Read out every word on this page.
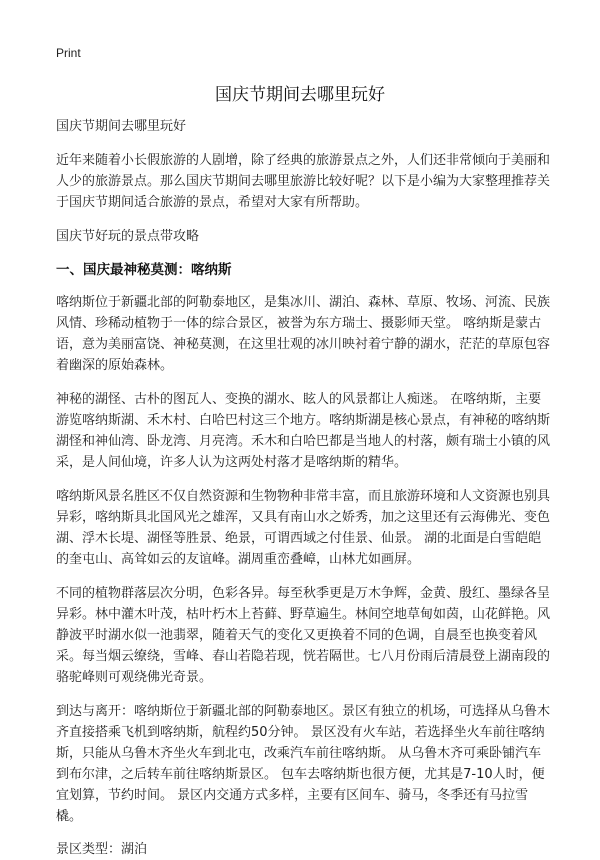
Print
国庆节期间去哪里玩好

国庆节期间去哪里玩好

近年来随着小长假旅游的人剧增，除了经典的旅游景点之外，人们还非常倾向于美丽和人少的旅游景点。那么国庆节期间去哪里旅游比较好呢？以下是小编为大家整理推荐关于国庆节期间适合旅游的景点，希望对大家有所帮助。

国庆节好玩的景点带攻略

一、国庆最神秘莫测：喀纳斯

喀纳斯位于新疆北部的阿勒泰地区，是集冰川、湖泊、森林、草原、牧场、河流、民族风情、珍稀动植物于一体的综合景区，被誉为东方瑞士、摄影师天堂。 喀纳斯是蒙古语，意为美丽富饶、神秘莫测，在这里壮观的冰川映衬着宁静的湖水，茫茫的草原包容着幽深的原始森林。

神秘的湖怪、古朴的图瓦人、变换的湖水、眩人的风景都让人痴迷。 在喀纳斯，主要游览喀纳斯湖、禾木村、白哈巴村这三个地方。喀纳斯湖是核心景点，有神秘的喀纳斯湖怪和神仙湾、卧龙湾、月亮湾。禾木和白哈巴都是当地人的村落，颇有瑞士小镇的风采，是人间仙境，许多人认为这两处村落才是喀纳斯的精华。

喀纳斯风景名胜区不仅自然资源和生物物种非常丰富，而且旅游环境和人文资源也别具异彩，喀纳斯具北国风光之雄浑，又具有南山水之娇秀，加之这里还有云海佛光、变色湖、浮木长堤、湖怪等胜景、绝景，可谓西域之付佳景、仙景。 湖的北面是白雪皑皑的奎屯山、高耸如云的友谊峰。湖周重峦叠嶂，山林尤如画屏。

不同的植物群落层次分明，色彩各异。每至秋季更是万木争辉，金黄、殷红、墨绿各呈异彩。林中灌木叶茂，枯叶朽木上苔藓、野草遍生。林间空地草甸如茵，山花鲜艳。风静波平时湖水似一池翡翠，随着天气的变化又更换着不同的色调，自晨至也换变着风采。每当烟云缭绕，雪峰、春山若隐若现，恍若隔世。七八月份雨后清晨登上湖南段的骆驼峰则可观绕佛光奇景。

到达与离开：喀纳斯位于新疆北部的阿勒泰地区。景区有独立的机场，可选择从乌鲁木齐直接搭乘飞机到喀纳斯，航程约50分钟。 景区没有火车站，若选择坐火车前往喀纳斯，只能从乌鲁木齐坐火车到北屯，改乘汽车前往喀纳斯。 从乌鲁木齐可乘卧铺汽车到布尔津，之后转车前往喀纳斯景区。 包车去喀纳斯也很方便，尤其是7-10人时，便宜划算，节约时间。 景区内交通方式多样，主要有区间车、骑马，冬季还有马拉雪橇。

景区类型：湖泊
